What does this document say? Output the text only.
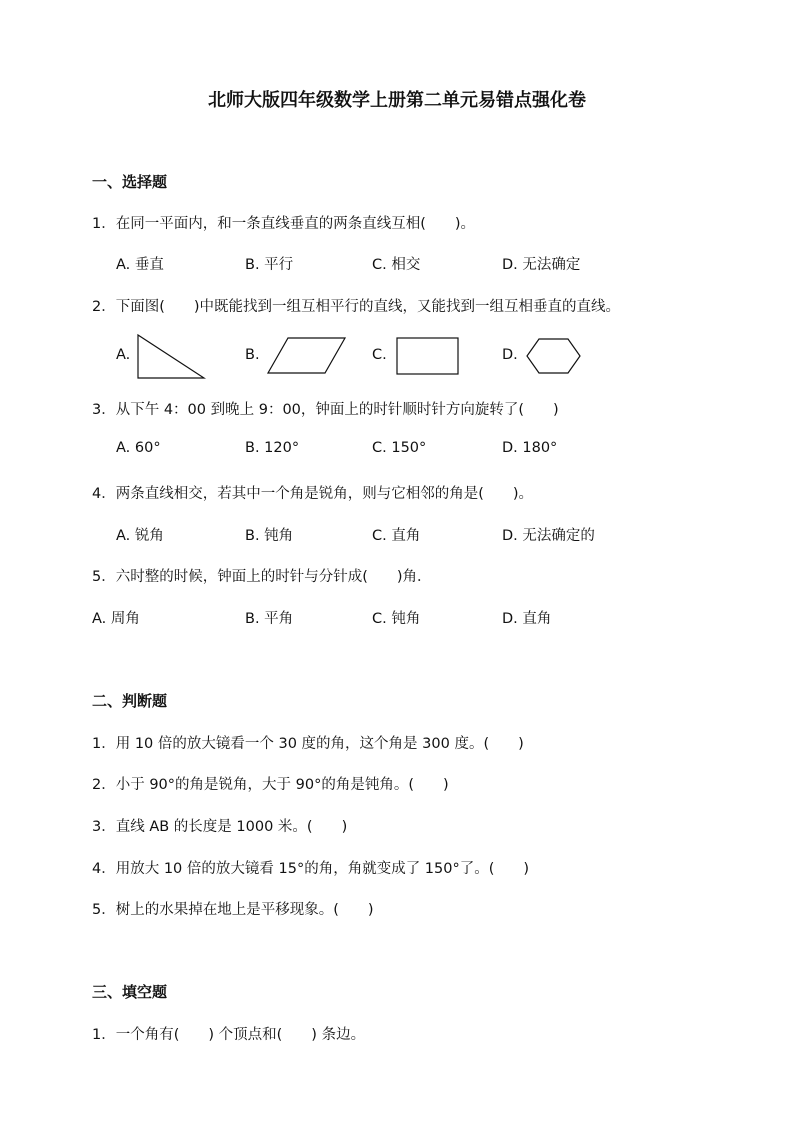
北师大版四年级数学上册第二单元易错点强化卷
一、选择题
1．在同一平面内，和一条直线垂直的两条直线互相(　　)。
A. 垂直	B. 平行	C. 相交	D. 无法确定
2．下面图(　　)中既能找到一组互相平行的直线，又能找到一组互相垂直的直线。
A.	B.	C.	D.
3．从下午 4：00 到晚上 9：00，钟面上的时针顺时针方向旋转了(　　)
A. 60°	B. 120°	C. 150°	D. 180°
4．两条直线相交，若其中一个角是锐角，则与它相邻的角是(　　)。
A. 锐角	B. 钝角	C. 直角	D. 无法确定的
5．六时整的时候，钟面上的时针与分针成(　　)角．
A. 周角	B. 平角	C. 钝角	D. 直角
二、判断题
1．用 10 倍的放大镜看一个 30 度的角，这个角是 300 度。(　　)
2．小于 90°的角是锐角，大于 90°的角是钝角。(　　)
3．直线 AB 的长度是 1000 米。(　　)
4．用放大 10 倍的放大镜看 15°的角，角就变成了 150°了。(　　)
5．树上的水果掉在地上是平移现象。(　　)
三、填空题
1．一个角有(　　) 个顶点和(　　) 条边。
